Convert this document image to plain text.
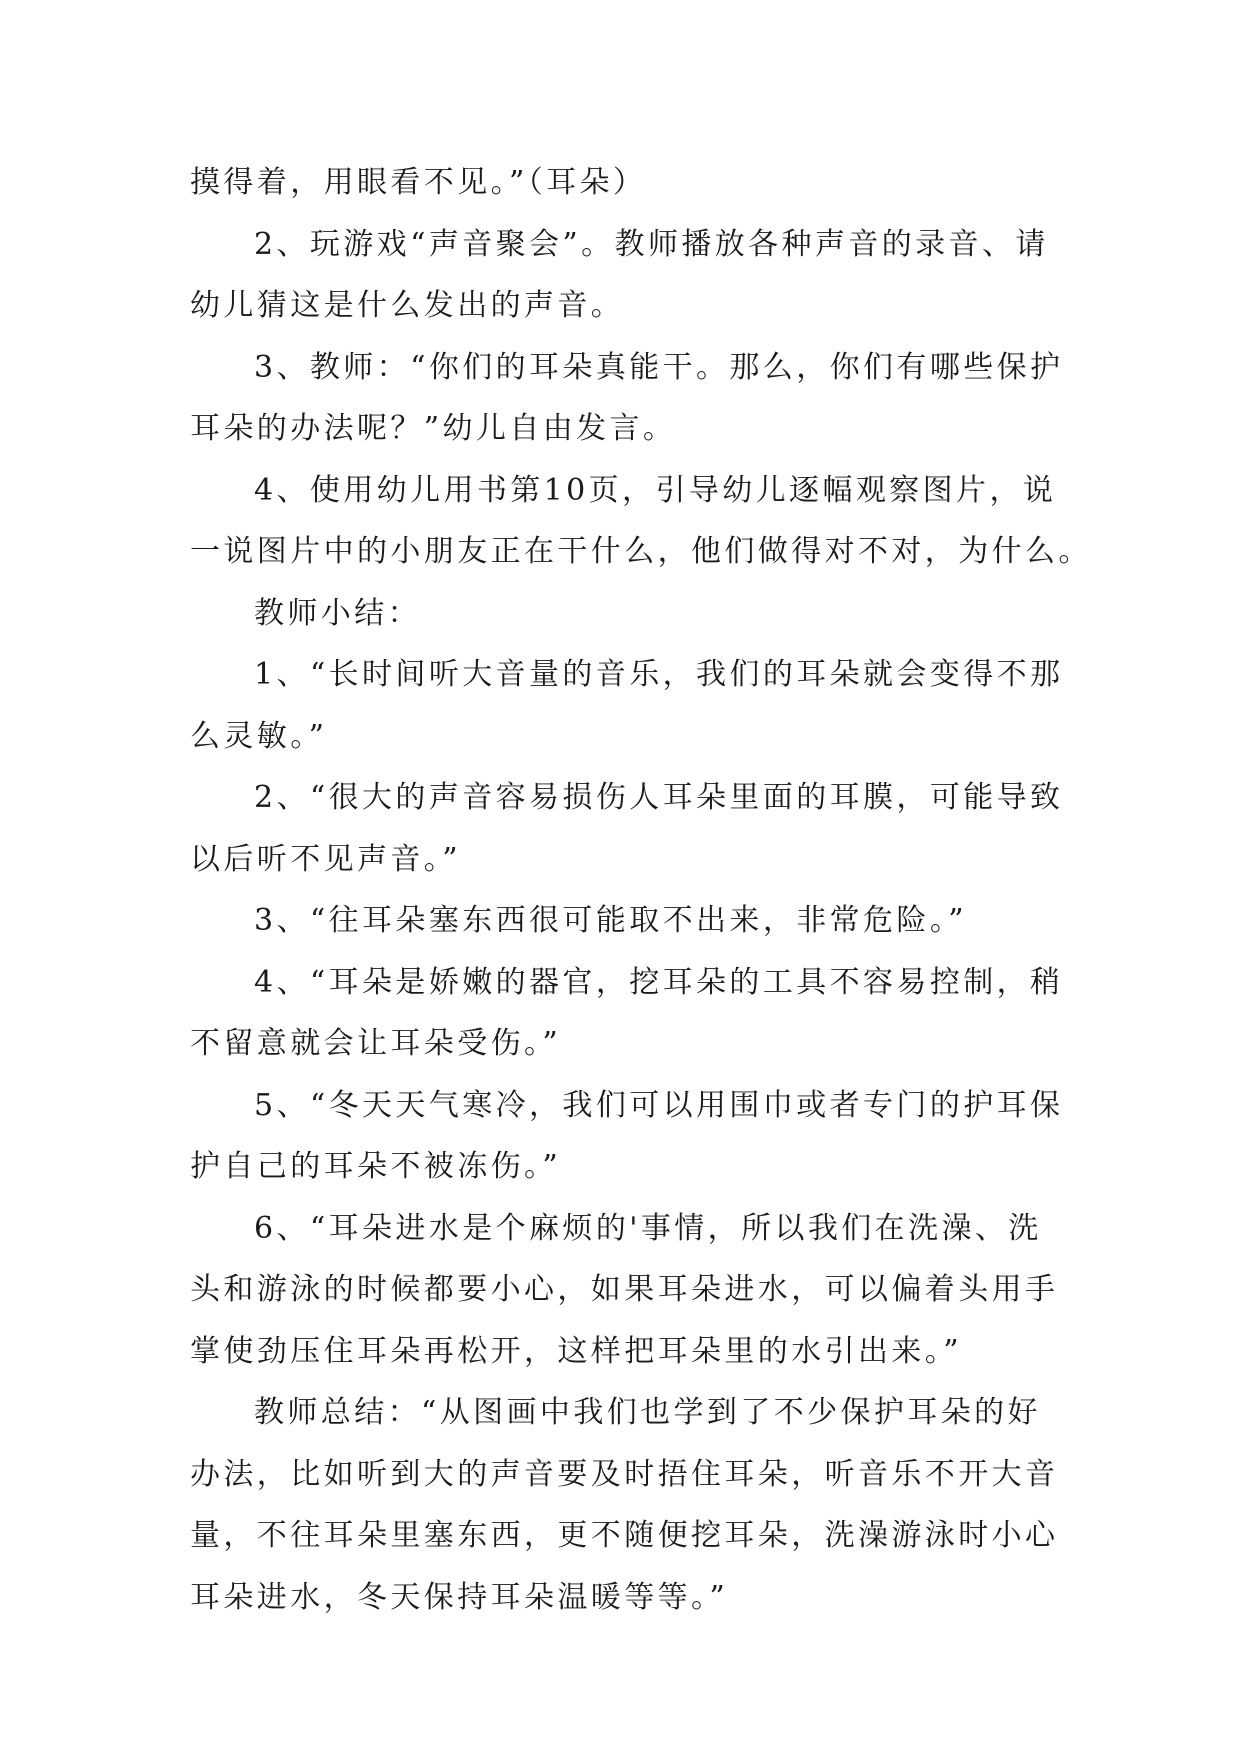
摸得着，用眼看不见。”（耳朵）
2、玩游戏“声音聚会”。教师播放各种声音的录音、请
幼儿猜这是什么发出的声音。
3、教师：“你们的耳朵真能干。那么，你们有哪些保护
耳朵的办法呢？”幼儿自由发言。
4、使用幼儿用书第10页，引导幼儿逐幅观察图片，说
一说图片中的小朋友正在干什么，他们做得对不对，为什么。
教师小结：
1、“长时间听大音量的音乐，我们的耳朵就会变得不那
么灵敏。”
2、“很大的声音容易损伤人耳朵里面的耳膜，可能导致
以后听不见声音。”
3、“往耳朵塞东西很可能取不出来，非常危险。”
4、“耳朵是娇嫩的器官，挖耳朵的工具不容易控制，稍
不留意就会让耳朵受伤。”
5、“冬天天气寒冷，我们可以用围巾或者专门的护耳保
护自己的耳朵不被冻伤。”
6、“耳朵进水是个麻烦的'事情，所以我们在洗澡、洗
头和游泳的时候都要小心，如果耳朵进水，可以偏着头用手
掌使劲压住耳朵再松开，这样把耳朵里的水引出来。”
教师总结：“从图画中我们也学到了不少保护耳朵的好
办法，比如听到大的声音要及时捂住耳朵，听音乐不开大音
量，不往耳朵里塞东西，更不随便挖耳朵，洗澡游泳时小心
耳朵进水，冬天保持耳朵温暖等等。”
